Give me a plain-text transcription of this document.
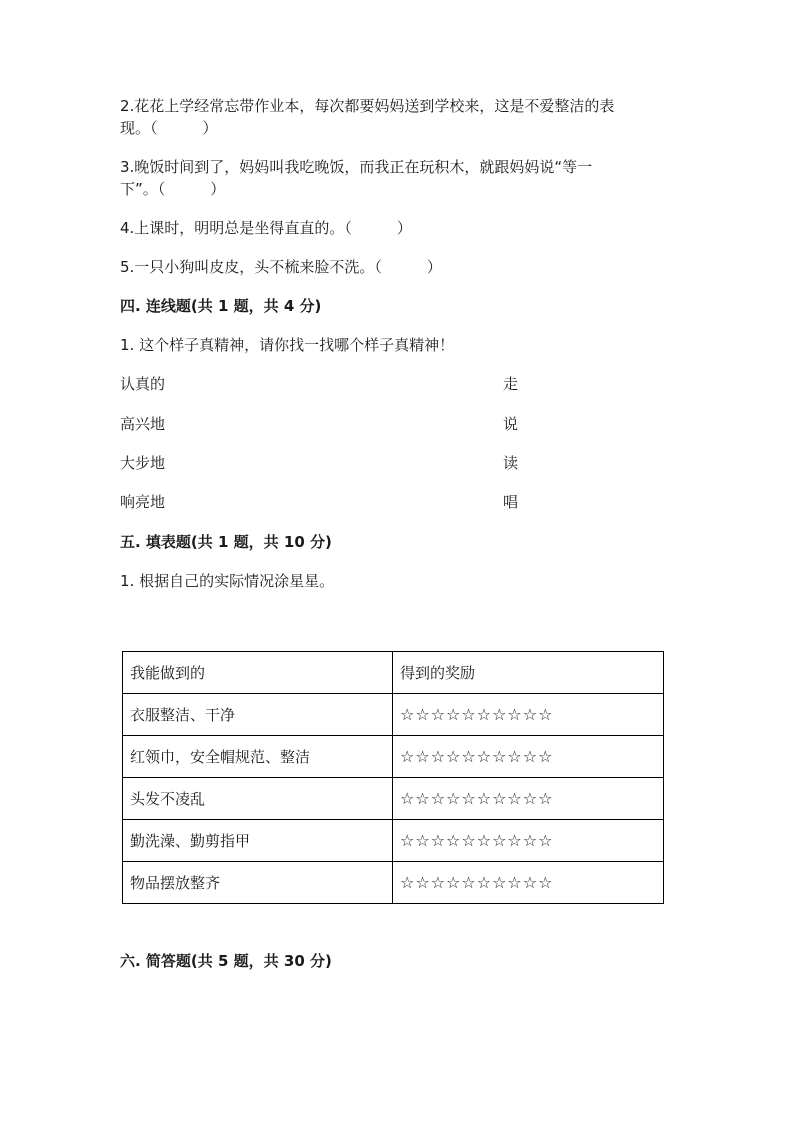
2.花花上学经常忘带作业本，每次都要妈妈送到学校来，这是不爱整洁的表
现。（　　　）
3.晚饭时间到了，妈妈叫我吃晚饭，而我正在玩积木，就跟妈妈说“等一
下”。（　　　）
4.上课时，明明总是坐得直直的。（　　　）
5.一只小狗叫皮皮，头不梳来脸不洗。（　　　）
四. 连线题(共 1 题，共 4 分)
1. 这个样子真精神，请你找一找哪个样子真精神！
认真的	走
高兴地	说
大步地	读
响亮地	唱
五. 填表题(共 1 题，共 10 分)
1. 根据自己的实际情况涂星星。
我能做到的	得到的奖励
衣服整洁、干净	☆☆☆☆☆☆☆☆☆☆
红领巾，安全帽规范、整洁	☆☆☆☆☆☆☆☆☆☆
头发不凌乱	☆☆☆☆☆☆☆☆☆☆
勤洗澡、勤剪指甲	☆☆☆☆☆☆☆☆☆☆
物品摆放整齐	☆☆☆☆☆☆☆☆☆☆
六. 简答题(共 5 题，共 30 分)
